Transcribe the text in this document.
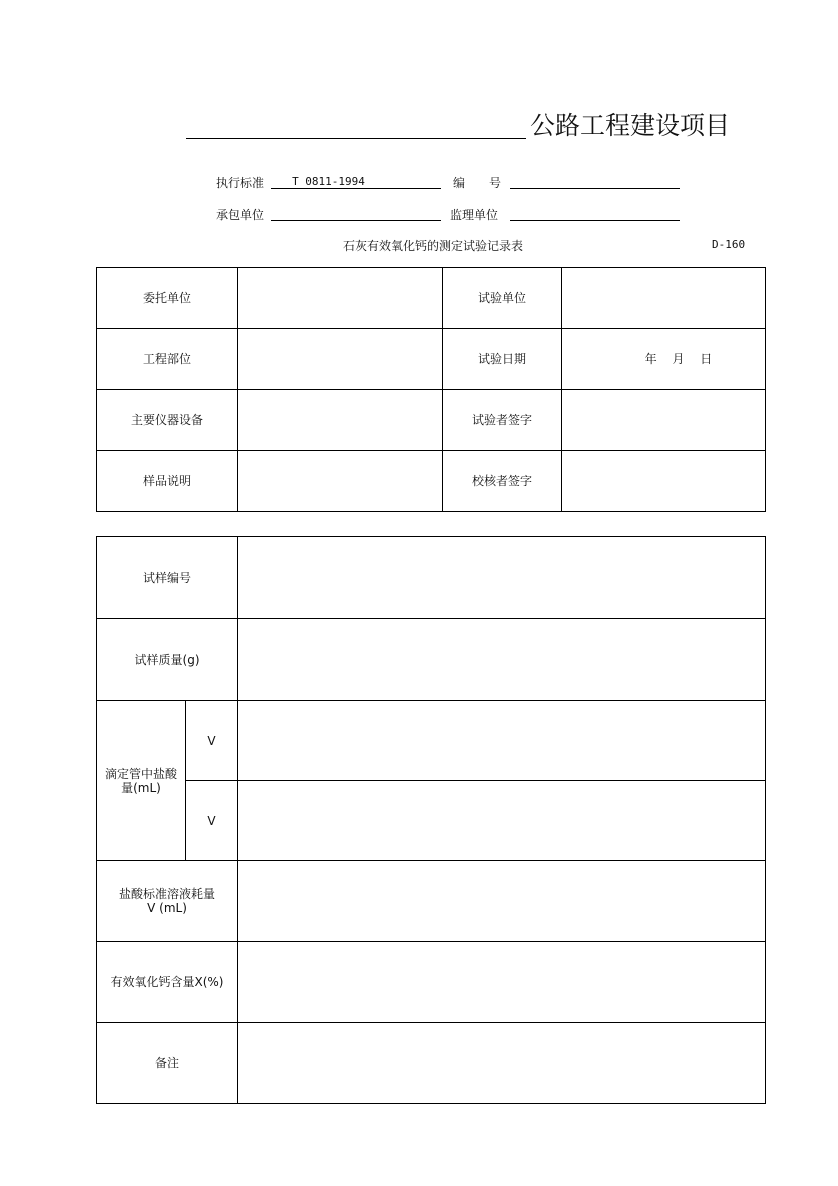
公路工程建设项目
执行标准	T 0811-1994	编　　号
承包单位	监理单位
石灰有效氧化钙的测定试验记录表	D-160
委托单位		试验单位	
工程部位		试验日期	年　 月　 日
主要仪器设备		试验者签字	
样品说明		校核者签字	
试样编号		
试样质量(g)		
滴定管中盐酸量(mL)	V	
	V	
盐酸标准溶液耗量V (mL)		
有效氧化钙含量X(%)		
备注		
